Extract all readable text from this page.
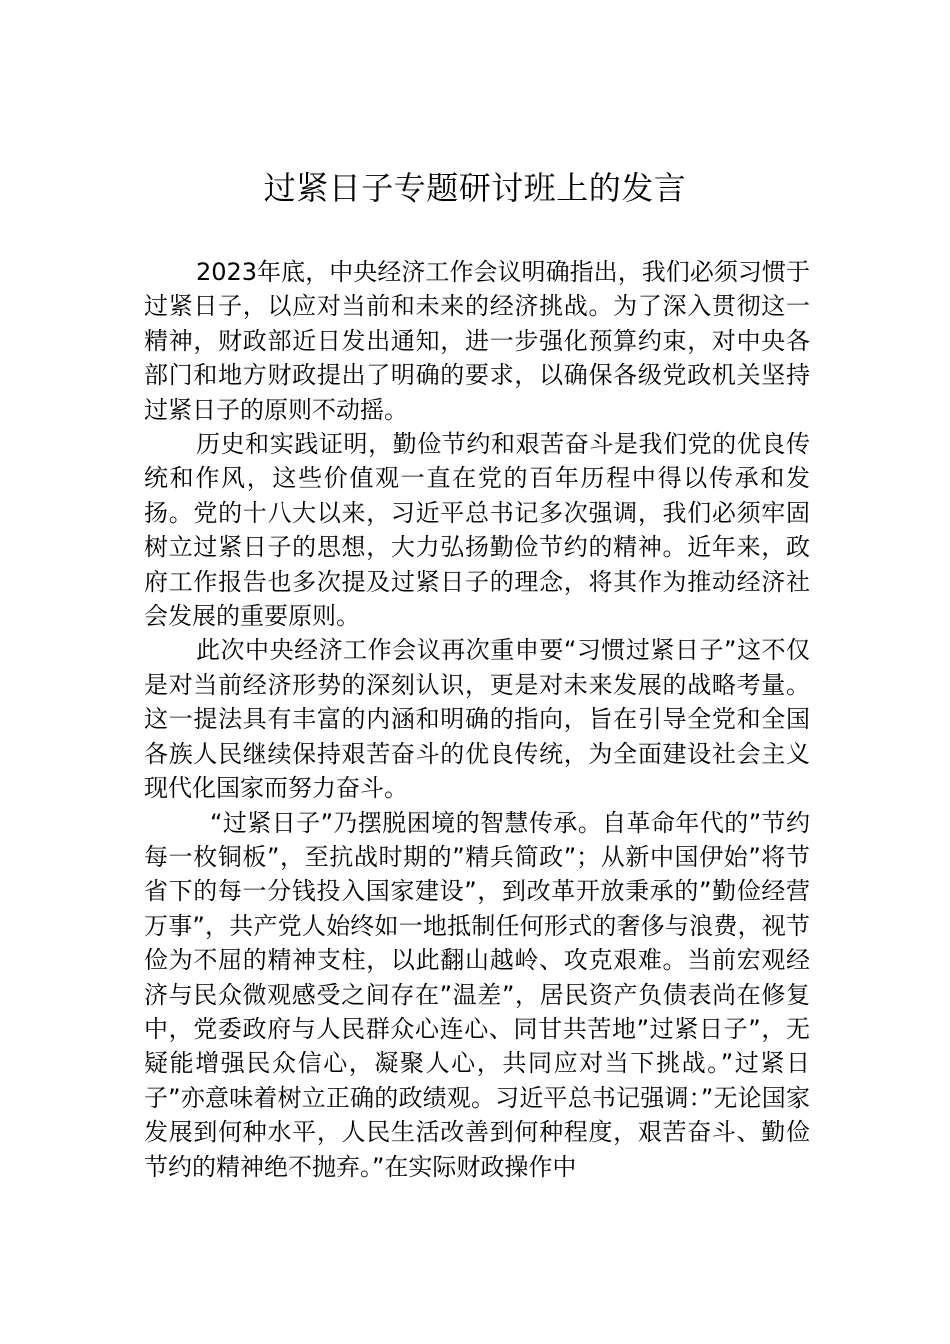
过紧日子专题研讨班上的发言

2023年底，中央经济工作会议明确指出，我们必须习惯于过紧日子，以应对当前和未来的经济挑战。为了深入贯彻这一精神，财政部近日发出通知，进一步强化预算约束，对中央各部门和地方财政提出了明确的要求，以确保各级党政机关坚持过紧日子的原则不动摇。

历史和实践证明，勤俭节约和艰苦奋斗是我们党的优良传统和作风，这些价值观一直在党的百年历程中得以传承和发扬。党的十八大以来，习近平总书记多次强调，我们必须牢固树立过紧日子的思想，大力弘扬勤俭节约的精神。近年来，政府工作报告也多次提及过紧日子的理念，将其作为推动经济社会发展的重要原则。

此次中央经济工作会议再次重申要“习惯过紧日子”这不仅是对当前经济形势的深刻认识，更是对未来发展的战略考量。这一提法具有丰富的内涵和明确的指向，旨在引导全党和全国各族人民继续保持艰苦奋斗的优良传统，为全面建设社会主义现代化国家而努力奋斗。

“过紧日子”乃摆脱困境的智慧传承。自革命年代的”节约每一枚铜板”，至抗战时期的”精兵简政”；从新中国伊始”将节省下的每一分钱投入国家建设”，到改革开放秉承的”勤俭经营万事”，共产党人始终如一地抵制任何形式的奢侈与浪费，视节俭为不屈的精神支柱，以此翻山越岭、攻克艰难。当前宏观经济与民众微观感受之间存在”温差”，居民资产负债表尚在修复中，党委政府与人民群众心连心、同甘共苦地”过紧日子”，无疑能增强民众信心，凝聚人心，共同应对当下挑战。”过紧日子”亦意味着树立正确的政绩观。习近平总书记强调：”无论国家发展到何种水平，人民生活改善到何种程度，艰苦奋斗、勤俭节约的精神绝不抛弃。”在实际财政操作中
